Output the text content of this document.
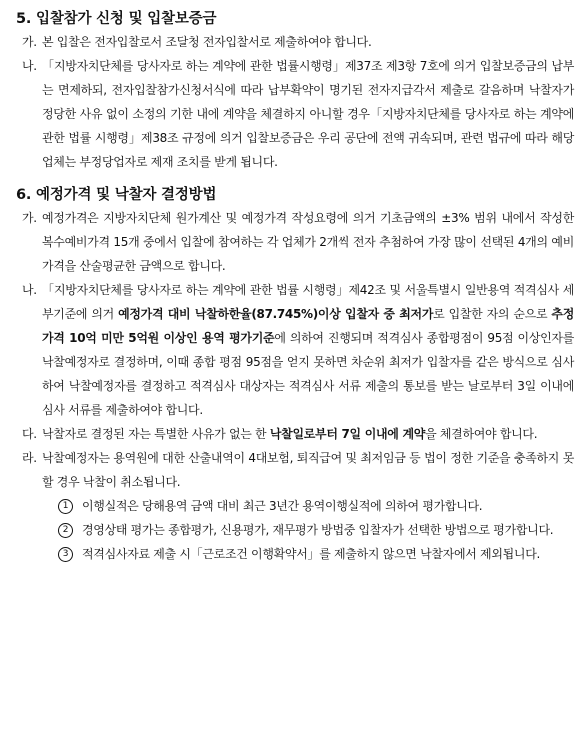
5. 입찰참가 신청 및 입찰보증금
가. 본 입찰은 전자입찰로서 조달청 전자입찰서로 제출하여야 합니다.
나. 「지방자치단체를 당사자로 하는 계약에 관한 법률시행령」제37조 제3항 7호에 의거 입찰보증금의 납부는 면제하되, 전자입찰참가신청서식에 따라 납부확약이 명기된 전자지급각서 제출로 갈음하며 낙찰자가 정당한 사유 없이 소정의 기한 내에 계약을 체결하지 아니할 경우「지방자치단체를 당사자로 하는 계약에 관한 법률 시행령」제38조 규정에 의거 입찰보증금은 우리 공단에 전액 귀속되며, 관련 법규에 따라 해당 업체는 부정당업자로 제재 조치를 받게 됩니다.
6. 예정가격 및 낙찰자 결정방법
가. 예정가격은 지방자치단체 원가계산 및 예정가격 작성요령에 의거 기초금액의 ±3% 범위 내에서 작성한 복수예비가격 15개 중에서 입찰에 참여하는 각 업체가 2개씩 전자 추첨하여 가장 많이 선택된 4개의 예비가격을 산술평균한 금액으로 합니다.
나. 「지방자치단체를 당사자로 하는 계약에 관한 법률 시행령」제42조 및 서울특별시 일반용역 적격심사 세부기준에 의거 예정가격 대비 낙찰하한율(87.745%)이상 입찰자 중 최저가로 입찰한 자의 순으로 추정가격 10억 미만 5억원 이상인 용역 평가기준에 의하여 진행되며 적격심사 종합평점이 95점 이상인자를 낙찰예정자로 결정하며, 이때 종합 평점 95점을 얻지 못하면 차순위 최저가 입찰자를 같은 방식으로 심사하여 낙찰예정자를 결정하고 적격심사 대상자는 적격심사 서류 제출의 통보를 받는 날로부터 3일 이내에 심사 서류를 제출하여야 합니다.
다. 낙찰자로 결정된 자는 특별한 사유가 없는 한 낙찰일로부터 7일 이내에 계약을 체결하여야 합니다.
라. 낙찰예정자는 용역원에 대한 산출내역이 4대보험, 퇴직급여 및 최저임금 등 법이 정한 기준을 충족하지 못할 경우 낙찰이 취소됩니다.
1	이행실적은 당해용역 금액 대비 최근 3년간 용역이행실적에 의하여 평가합니다.
2	경영상태 평가는 종합평가, 신용평가, 재무평가 방법중 입찰자가 선택한 방법으로 평가합니다.
3	적격심사자료 제출 시「근로조건 이행확약서」를 제출하지 않으면 낙찰자에서 제외됩니다.
